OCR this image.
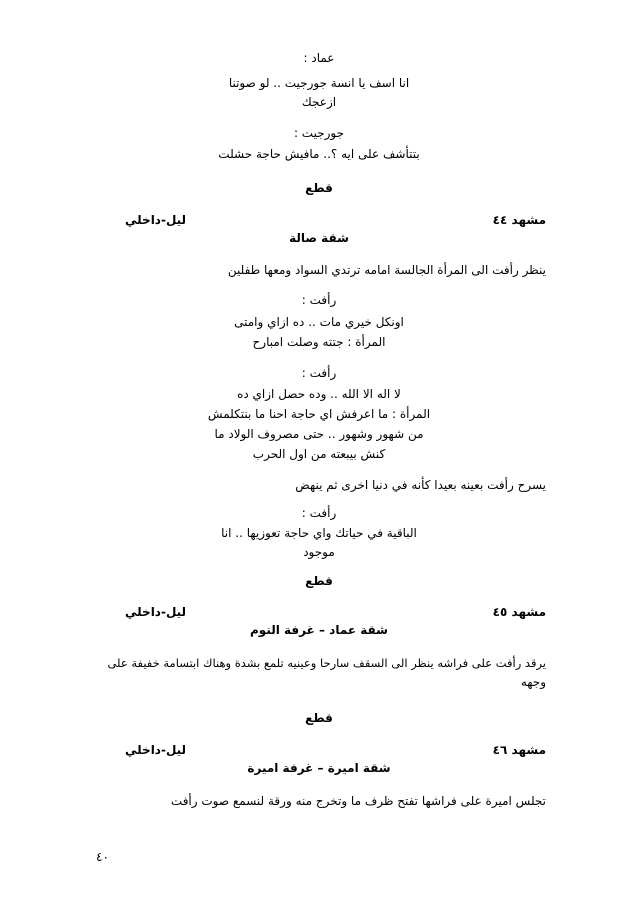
عماد :
انا اسف يا انسة جورجيت .. لو صوتنا
ازعجك
جورجيت :
بتتأشف على ايه ؟.. مافيش حاجة حشلت
قطع
مشهد ٤٤
ليل-داخلي
شقة صالة
ينظر رأفت الى المرأة الجالسة امامه ترتدي السواد ومعها طفلين
رأفت :
اونكل خيري مات .. ده ازاي وامتى
المرأة : جتته وصلت امبارح
رأفت :
لا اله الا الله .. وده حصل ازاي ده
المرأة : ما اعرفش اي حاجة احنا ما بنتكلمش
من شهور وشهور .. حتى مصروف الولاد ما
كنش بيبعته من اول الحرب
يسرح رأفت بعينه بعيدا كأنه في دنيا اخرى ثم ينهض
رأفت :
الباقية في حياتك واي حاجة تعوزيها .. انا
موجود
قطع
مشهد ٤٥
ليل-داخلي
شقة عماد – غرفة النوم
يرقد رأفت على فراشه ينظر الى السقف سارحا وعينيه تلمع بشدة وهناك ابتسامة خفيفة على
وجهه
قطع
مشهد ٤٦
ليل-داخلي
شقة اميرة – غرفة اميرة
تجلس اميرة على فراشها تفتح ظرف ما وتخرج منه ورقة لنسمع صوت رأفت
٤٠
